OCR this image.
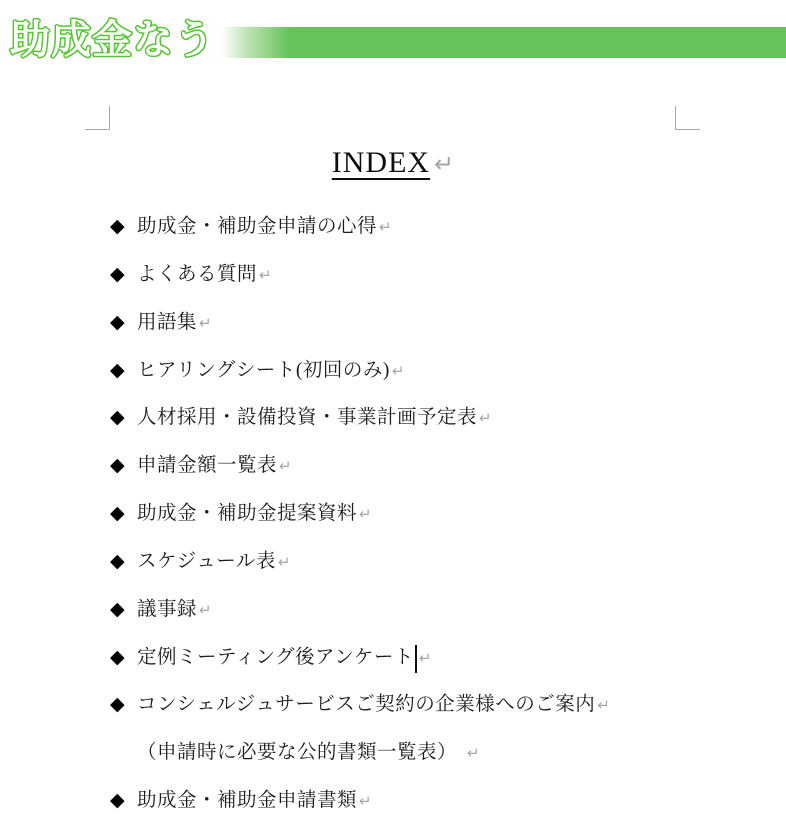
助成金なう
INDEX ↵
◆ 助成金・補助金申請の心得 ↵
◆ よくある質問 ↵
◆ 用語集 ↵
◆ ヒアリングシート(初回のみ) ↵
◆ 人材採用・設備投資・事業計画予定表 ↵
◆ 申請金額一覧表 ↵
◆ 助成金・補助金提案資料 ↵
◆ スケジュール表 ↵
◆ 議事録 ↵
◆ 定例ミーティング後アンケート ↵
◆ コンシェルジュサービスご契約の企業様へのご案内 ↵
（申請時に必要な公的書類一覧表） ↵
◆ 助成金・補助金申請書類 ↵
